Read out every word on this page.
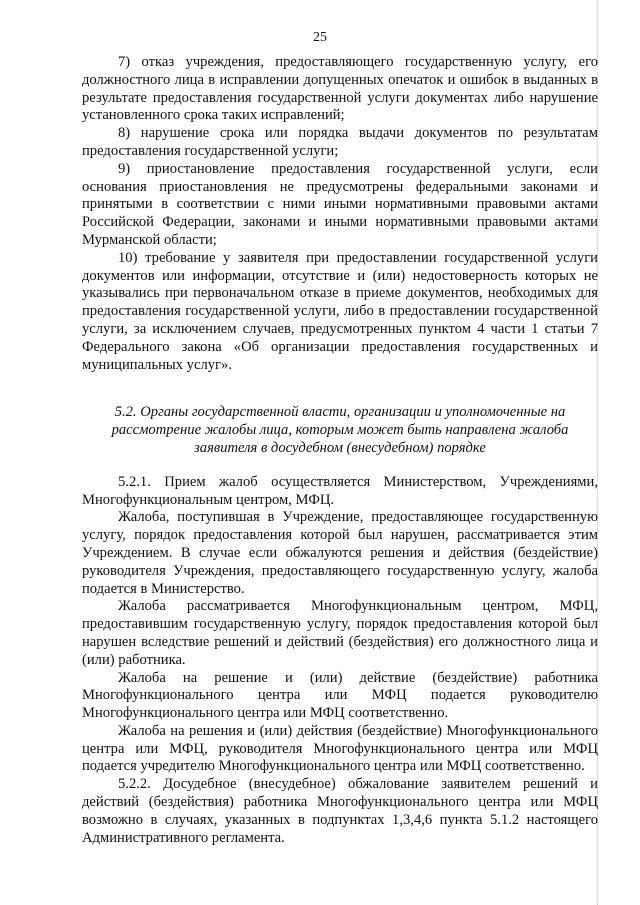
25

7) отказ учреждения, предоставляющего государственную услугу, его должностного лица в исправлении допущенных опечаток и ошибок в выданных в результате предоставления государственной услуги документах либо нарушение установленного срока таких исправлений;

8) нарушение срока или порядка выдачи документов по результатам предоставления государственной услуги;

9) приостановление предоставления государственной услуги, если основания приостановления не предусмотрены федеральными законами и принятыми в соответствии с ними иными нормативными правовыми актами Российской Федерации, законами и иными нормативными правовыми актами Мурманской области;

10) требование у заявителя при предоставлении государственной услуги документов или информации, отсутствие и (или) недостоверность которых не указывались при первоначальном отказе в приеме документов, необходимых для предоставления государственной услуги, либо в предоставлении государственной услуги, за исключением случаев, предусмотренных пунктом 4 части 1 статьи 7 Федерального закона «Об организации предоставления государственных и муниципальных услуг».

5.2. Органы государственной власти, организации и уполномоченные на рассмотрение жалобы лица, которым может быть направлена жалоба заявителя в досудебном (внесудебном) порядке

5.2.1. Прием жалоб осуществляется Министерством, Учреждениями, Многофункциональным центром, МФЦ.

Жалоба, поступившая в Учреждение, предоставляющее государственную услугу, порядок предоставления которой был нарушен, рассматривается этим Учреждением. В случае если обжалуются решения и действия (бездействие) руководителя Учреждения, предоставляющего государственную услугу, жалоба подается в Министерство.

Жалоба рассматривается Многофункциональным центром, МФЦ, предоставившим государственную услугу, порядок предоставления которой был нарушен вследствие решений и действий (бездействия) его должностного лица и (или) работника.

Жалоба на решение и (или) действие (бездействие) работника Многофункционального центра или МФЦ подается руководителю Многофункционального центра или МФЦ соответственно.

Жалоба на решения и (или) действия (бездействие) Многофункционального центра или МФЦ, руководителя Многофункционального центра или МФЦ подается учредителю Многофункционального центра или МФЦ соответственно.

5.2.2. Досудебное (внесудебное) обжалование заявителем решений и действий (бездействия) работника Многофункционального центра или МФЦ возможно в случаях, указанных в подпунктах 1,3,4,6 пункта 5.1.2 настоящего Административного регламента.
